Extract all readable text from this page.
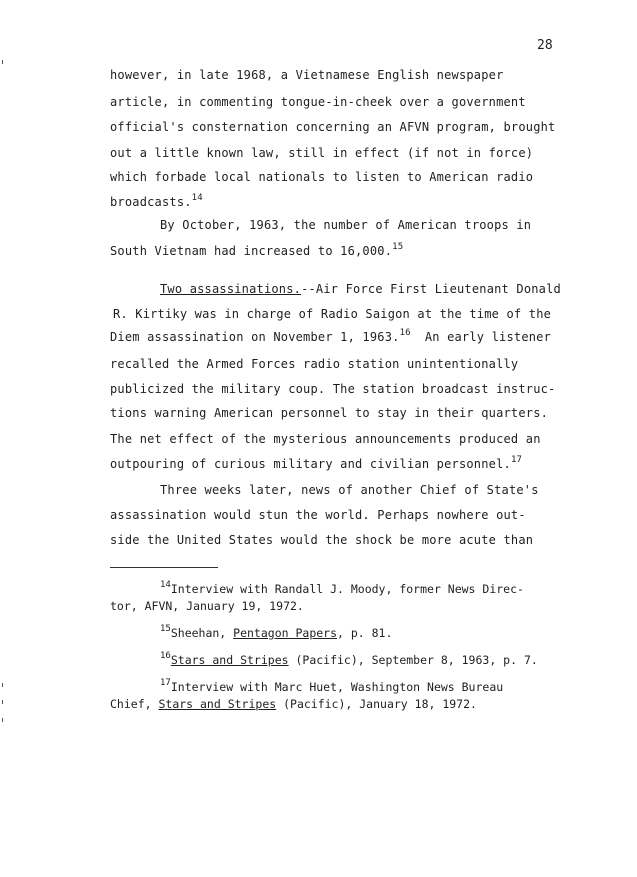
28
however, in late 1968, a Vietnamese English newspaper
article, in commenting tongue-in-cheek over a government
official's consternation concerning an AFVN program, brought
out a little known law, still in effect (if not in force)
which forbade local nationals to listen to American radio
broadcasts.$^{14}$
By October, 1963, the number of American troops in
South Vietnam had increased to 16,000.15
Two assassinations.--Air Force First Lieutenant Donald
R. Kirtiky was in charge of Radio Saigon at the time of the
Diem assassination on November 1, 1963.16 An early listener
recalled the Armed Forces radio station unintentionally
publicized the military coup. The station broadcast instruc-
tions warning American personnel to stay in their quarters.
The net effect of the mysterious announcements produced an
outpouring of curious military and civilian personnel.$^{17}$
Three weeks later, news of another Chief of State's
assassination would stun the world. Perhaps nowhere out-
side the United States would the shock be more acute than
$^{14}$Interview with Randall J. Moody, former News Direc-
tor, AFVN, January 19, 1972.
$^{15}$Sheehan, Pentagon Papers, p. 81.
$^{16}$Stars and Stripes (Pacific), September 8, 1963, p. 7.
$^{17}$Interview with Marc Huet, Washington News Bureau
Chief, Stars and Stripes (Pacific), January 18, 1972.
